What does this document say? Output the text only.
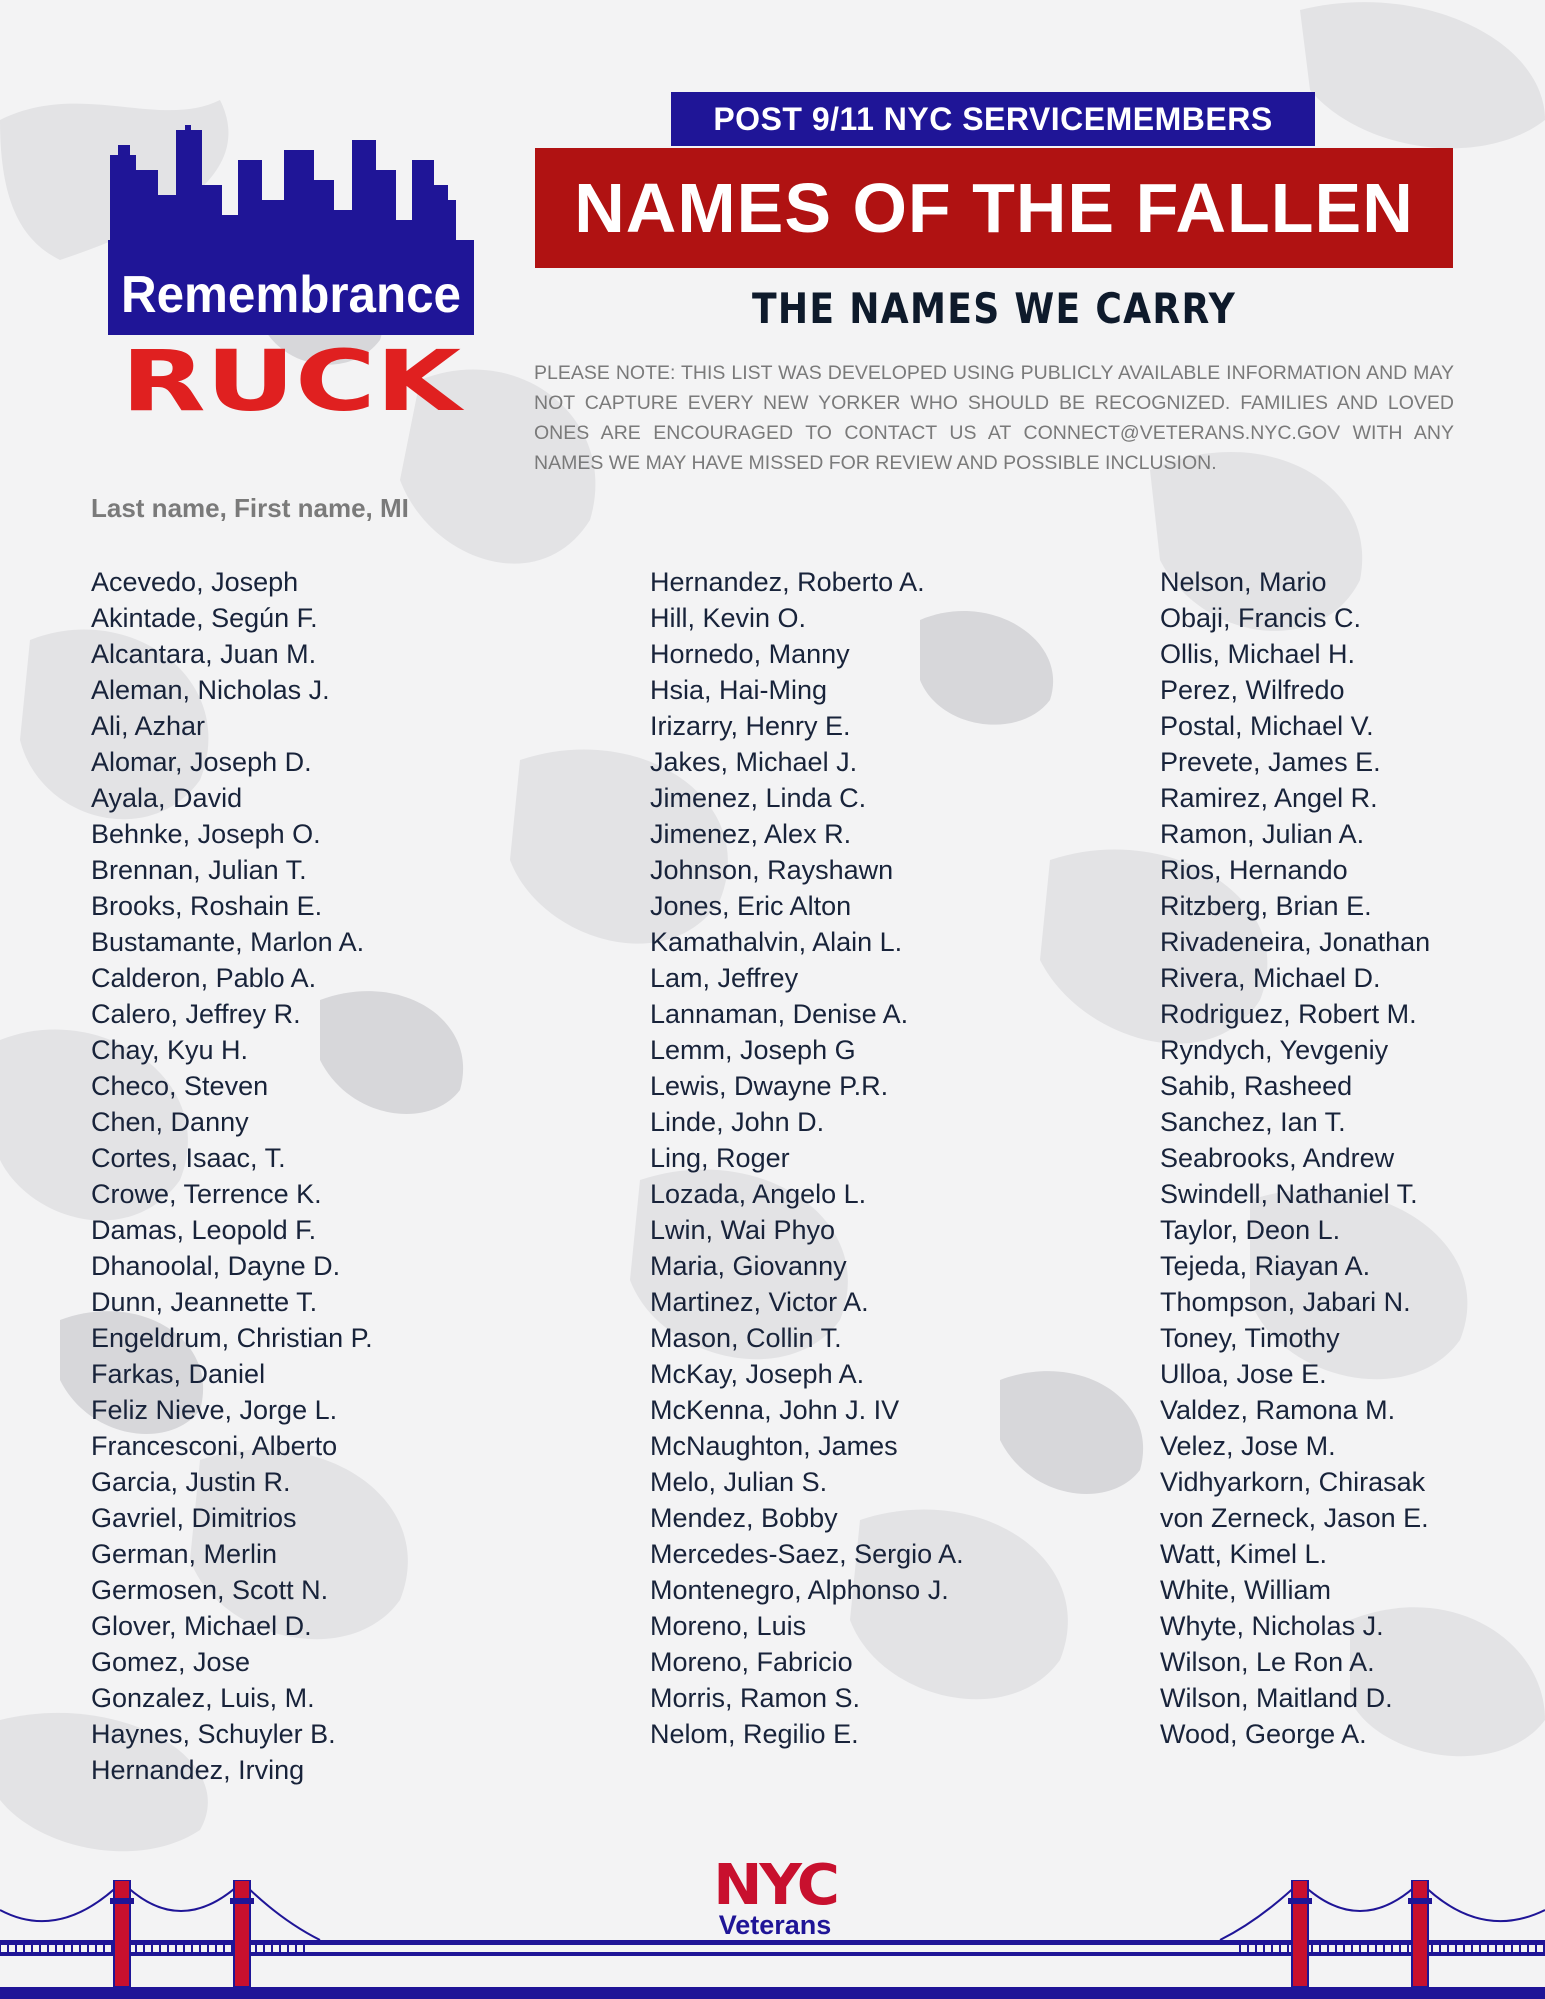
Remembrance
RUCK
POST 9/11 NYC SERVICEMEMBERS
NAMES OF THE FALLEN
THE NAMES WE CARRY
PLEASE NOTE: THIS LIST WAS DEVELOPED USING PUBLICLY AVAILABLE INFORMATION AND MAY NOT CAPTURE EVERY NEW YORKER WHO SHOULD BE RECOGNIZED. FAMILIES AND LOVED ONES ARE ENCOURAGED TO CONTACT US AT CONNECT@VETERANS.NYC.GOV WITH ANY NAMES WE MAY HAVE MISSED FOR REVIEW AND POSSIBLE INCLUSION.
Last name, First name, MI
Acevedo, Joseph
Akintade, Según F.
Alcantara, Juan M.
Aleman, Nicholas J.
Ali, Azhar
Alomar, Joseph D.
Ayala, David
Behnke, Joseph O.
Brennan, Julian T.
Brooks, Roshain E.
Bustamante, Marlon A.
Calderon, Pablo A.
Calero, Jeffrey R.
Chay, Kyu H.
Checo, Steven
Chen, Danny
Cortes, Isaac, T.
Crowe, Terrence K.
Damas, Leopold F.
Dhanoolal, Dayne D.
Dunn, Jeannette T.
Engeldrum, Christian P.
Farkas, Daniel
Feliz Nieve, Jorge L.
Francesconi, Alberto
Garcia, Justin R.
Gavriel, Dimitrios
German, Merlin
Germosen, Scott N.
Glover, Michael D.
Gomez, Jose
Gonzalez, Luis, M.
Haynes, Schuyler B.
Hernandez, Irving
Hernandez, Roberto A.
Hill, Kevin O.
Hornedo, Manny
Hsia, Hai-Ming
Irizarry, Henry E.
Jakes, Michael J.
Jimenez, Linda C.
Jimenez, Alex R.
Johnson, Rayshawn
Jones, Eric Alton
Kamathalvin, Alain L.
Lam, Jeffrey
Lannaman, Denise A.
Lemm, Joseph G
Lewis, Dwayne P.R.
Linde, John D.
Ling, Roger
Lozada, Angelo L.
Lwin, Wai Phyo
Maria, Giovanny
Martinez, Victor A.
Mason, Collin T.
McKay, Joseph A.
McKenna, John J. IV
McNaughton, James
Melo, Julian S.
Mendez, Bobby
Mercedes-Saez, Sergio A.
Montenegro, Alphonso J.
Moreno, Luis
Moreno, Fabricio
Morris, Ramon S.
Nelom, Regilio E.
Nelson, Mario
Obaji, Francis C.
Ollis, Michael H.
Perez, Wilfredo
Postal, Michael V.
Prevete, James E.
Ramirez, Angel R.
Ramon, Julian A.
Rios, Hernando
Ritzberg, Brian E.
Rivadeneira, Jonathan
Rivera, Michael D.
Rodriguez, Robert M.
Ryndych, Yevgeniy
Sahib, Rasheed
Sanchez, Ian T.
Seabrooks, Andrew
Swindell, Nathaniel T.
Taylor, Deon L.
Tejeda, Riayan A.
Thompson, Jabari N.
Toney, Timothy
Ulloa, Jose E.
Valdez, Ramona M.
Velez, Jose M.
Vidhyarkorn, Chirasak
von Zerneck, Jason E.
Watt, Kimel L.
White, William
Whyte, Nicholas J.
Wilson, Le Ron A.
Wilson, Maitland D.
Wood, George A.
NYC
Veterans
